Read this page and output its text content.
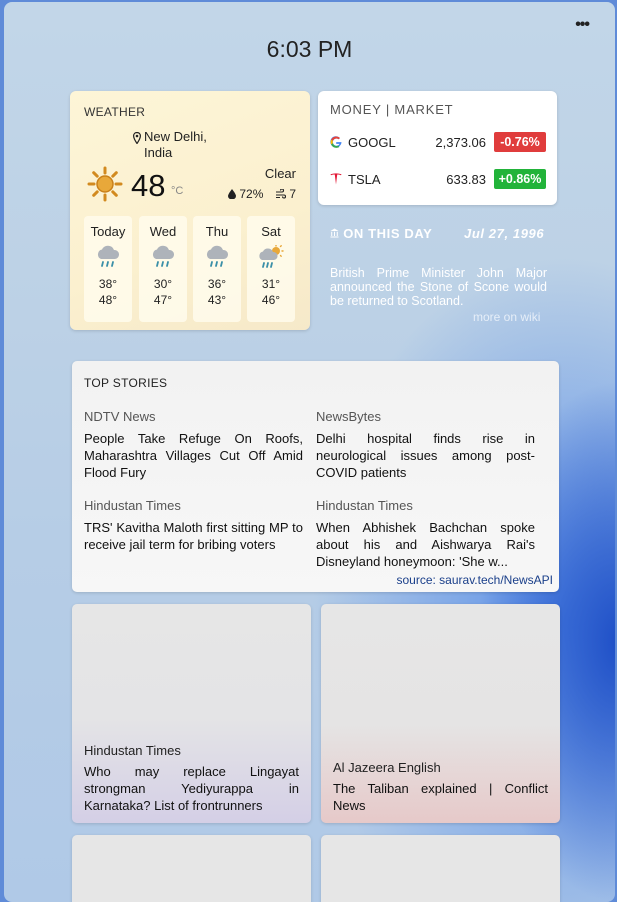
•••
6:03 PM
WEATHER
New Delhi, India
48 °C
Clear
72%	7
Today
38°
48°
Wed
30°
47°
Thu
36°
43°
Sat
31°
46°
MONEY | MARKET
GOOGL	2,373.06	-0.76%
TSLA	633.83	+0.86%
ON THIS DAY Jul 27, 1996
British Prime Minister John Major announced the Stone of Scone would be returned to Scotland.
more on wiki
TOP STORIES
NDTV News
People Take Refuge On Roofs, Maharashtra Villages Cut Off Amid Flood Fury
NewsBytes
Delhi hospital finds rise in neurological issues among post-COVID patients
Hindustan Times
TRS' Kavitha Maloth first sitting MP to receive jail term for bribing voters
Hindustan Times
When Abhishek Bachchan spoke about his and Aishwarya Rai's Disneyland honeymoon: 'She w...
source: saurav.tech/NewsAPI
Hindustan Times
Who may replace Lingayat strongman Yediyurappa in Karnataka? List of frontrunners
Al Jazeera English
The Taliban explained | Conflict News
